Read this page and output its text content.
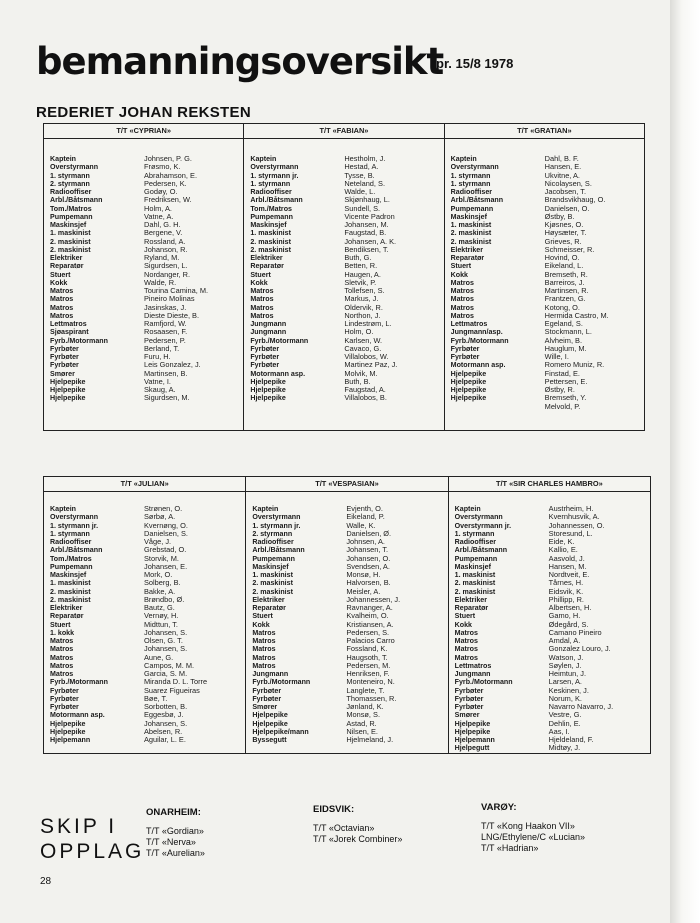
bemanningsoversikt
pr. 15/8 1978
REDERIET JOHAN REKSTEN
T/T «CYPRIAN»
Kaptein
Overstyrmann
1. styrmann
2. styrmann
Radiooffiser
Arbl./Båtsmann
Tom./Matros
Pumpemann
Maskinsjef
1. maskinist
2. maskinist
2. maskinist
Elektriker
Reparatør
Stuert
Kokk
Matros
Matros
Matros
Matros
Lettmatros
Sjøaspirant
Fyrb./Motormann
Fyrbøter
Fyrbøter
Fyrbøter
Smører
Hjelpepike
Hjelpepike
Hjelpepike
Johnsen, P. G.
Frøsmo, K.
Abrahamson, E.
Pedersen, K.
Godøy, O.
Fredriksen, W.
Holm, A.
Vatne, A.
Dahl, G. H.
Bergene, V.
Rossland, A.
Johanson, R.
Ryland, M.
Sigurdsen, L.
Nordanger, R.
Walde, R.
Tourina Camina, M.
Pineiro Molinas
Jasinskas, J.
Dieste Dieste, B.
Ramfjord, W.
Rosaasen, F.
Pedersen, P.
Berland, T.
Furu, H.
Leis Gonzalez, J.
Martinsen, B.
Vatne, I.
Skaug, A.
Sigurdsen, M.
T/T «FABIAN»
Kaptein
Overstyrmann
1. styrmann jr.
1. styrmann
Radiooffiser
Arbl./Båtsmann
Tom./Matros
Pumpemann
Maskinsjef
1. maskinist
2. maskinist
2. maskinist
Elektriker
Reparatør
Stuert
Kokk
Matros
Matros
Matros
Matros
Jungmann
Jungmann
Fyrb./Motormann
Fyrbøter
Fyrbøter
Fyrbøter
Motormann asp.
Hjelpepike
Hjelpepike
Hjelpepike
Hestholm, J.
Hestad, A.
Tysse, B.
Neteland, S.
Walde, L.
Skjønhaug, L.
Sundell, S.
Vicente Padron
Johansen, M.
Faugstad, B.
Johansen, A. K.
Bendiksen, T.
Buth, G.
Betten, R.
Haugen, A.
Sletvik, P.
Tollefsen, S.
Markus, J.
Oldervik, R.
Northon, J.
Lindestrøm, L.
Holm, O.
Karlsen, W.
Cavaco, G.
Villalobos, W.
Martinez Paz, J.
Molvik, M.
Buth, B.
Faugstad, A.
Villalobos, B.
T/T «GRATIAN»
Kaptein
Overstyrmann
1. styrmann
1. styrmann
Radiooffiser
Arbl./Båtsmann
Pumpemann
Maskinsjef
1. maskinist
2. maskinist
2. maskinist
Elektriker
Reparatør
Stuert
Kokk
Matros
Matros
Matros
Matros
Matros
Lettmatros
Jungmann/asp.
Fyrb./Motormann
Fyrbøter
Fyrbøter
Motormann asp.
Hjelpepike
Hjelpepike
Hjelpepike
Hjelpepike
Dahl, B. F.
Hansen, E.
Ukvitne, A.
Nicolaysen, S.
Jacobsen, T.
Brandsvikhaug, O.
Danielsen, O.
Østby, B.
Kjøsnes, O.
Høysæter, T.
Grieves, R.
Schmeisser, R.
Hovind, O.
Eikeland, L.
Bremseth, R.
Barreiros, J.
Martinsen, R.
Frantzen, G.
Kotong, O.
Hermida Castro, M.
Egeland, S.
Stockmann, L.
Alvheim, B.
Hauglum, M.
Wille, I.
Romero Muniz, R.
Finstad, E.
Pettersen, E.
Østby, R.
Bremseth, Y.
Melvold, P.
T/T «JULIAN»
Kaptein
Overstyrmann
1. styrmann jr.
1. styrmann
Radiooffiser
Arbl./Båtsmann
Tom./Matros
Pumpemann
Maskinsjef
1. maskinist
2. maskinist
2. maskinist
Elektriker
Reparatør
Stuert
1. kokk
Matros
Matros
Matros
Matros
Matros
Fyrb./Motormann
Fyrbøter
Fyrbøter
Fyrbøter
Motormann asp.
Hjelpepike
Hjelpepike
Hjelpemann
Strønen, O.
Sørbø, A.
Kvernøng, O.
Danielsen, S.
Våge, J.
Grebstad, O.
Storvik, M.
Johansen, E.
Mork, O.
Solberg, B.
Bakke, A.
Brøndbo, Ø.
Bautz, G.
Vernøy, H.
Midttun, T.
Johansen, S.
Olsen, G. T.
Johansen, S.
Aune, G.
Campos, M. M.
Garcia, S. M.
Miranda D. L. Torre
Suarez Figueiras
Bøe, T.
Sorbotten, B.
Eggesbø, J.
Johansen, S.
Abelsen, R.
Aguilar, L. E.
T/T «VESPASIAN»
Kaptein
Overstyrmann
1. styrmann jr.
2. styrmann
Radiooffiser
Arbl./Båtsmann
Pumpemann
Maskinsjef
1. maskinist
2. maskinist
2. maskinist
Elektriker
Reparatør
Stuert
Kokk
Matros
Matros
Matros
Matros
Matros
Jungmann
Fyrb./Motormann
Fyrbøter
Fyrbøter
Smører
Hjelpepike
Hjelpepike
Hjelpepike/mann
Byssegutt
Evjenth, O.
Eikeland, P.
Walle, K.
Danielsen, Ø.
Johnsen, A.
Johansen, T.
Johansen, O.
Svendsen, A.
Monsø, H.
Halvorsen, B.
Meisler, A.
Johannessen, J.
Ravnanger, A.
Kvalheim, O.
Kristiansen, A.
Pedersen, S.
Palacios Carro
Fossland, K.
Haugsoth, T.
Pedersen, M.
Henriksen, F.
Monteneiro, N.
Langlete, T.
Thomassen, R.
Jønland, K.
Monsø, S.
Astad, R.
Nilsen, E.
Hjelmeland, J.
T/T «SIR CHARLES HAMBRO»
Kaptein
Overstyrmann
Overstyrmann jr.
1. styrmann
Radiooffiser
Arbl./Båtsmann
Pumpemann
Maskinsjef
1. maskinist
2. maskinist
2. maskinist
Elektriker
Reparatør
Stuert
Kokk
Matros
Matros
Matros
Matros
Lettmatros
Jungmann
Fyrb./Motormann
Fyrbøter
Fyrbøter
Fyrbøter
Smører
Hjelpepike
Hjelpepike
Hjelpemann
Hjelpegutt
Austrheim, H.
Kvernhusvik, A.
Johannessen, O.
Storesund, L.
Eide, K.
Kallio, E.
Aasvold, J.
Hansen, M.
Nordtveit, E.
Tårnes, H.
Eidsvik, K.
Phillipp, R.
Albertsen, H.
Gamo, H.
Ødegård, S.
Camano Pineiro
Amdal, A.
Gonzalez Louro, J.
Watson, J.
Søylen, J.
Heimtun, J.
Larsen, A.
Keskinen, J.
Norum, K.
Navarro Navarro, J.
Vestre, G.
Dehlin, E.
Aas, I.
Hjeldeland, F.
Midtøy, J.
SKIP I
OPPLAG
ONARHEIM:
T/T «Gordian»
T/T «Nerva»
T/T «Aurelian»
EIDSVIK:
T/T «Octavian»
T/T «Jorek Combiner»
VARØY:
T/T «Kong Haakon VII»
LNG/Ethylene/C «Lucian»
T/T «Hadrian»
28
